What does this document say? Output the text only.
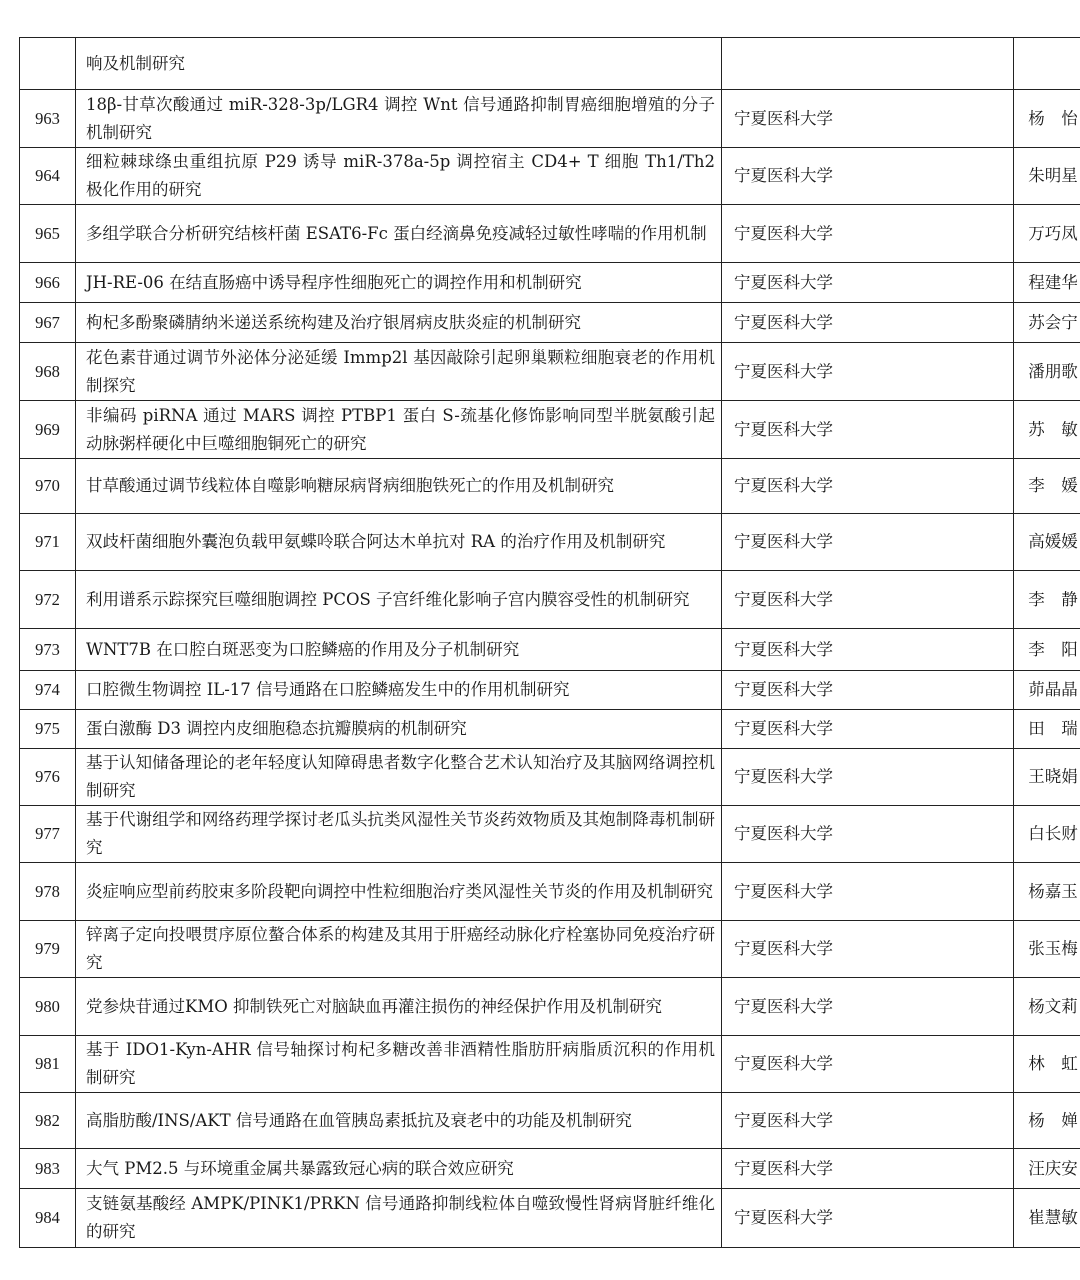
	响及机制研究		
963	18β-甘草次酸通过 miR-328-3p/LGR4 调控 Wnt 信号通路抑制胃癌细胞增殖的分子机制研究	宁夏医科大学	杨　怡
964	细粒棘球绦虫重组抗原 P29 诱导 miR-378a-5p 调控宿主 CD4+ T 细胞 Th1/Th2 极化作用的研究	宁夏医科大学	朱明星
965	多组学联合分析研究结核杆菌 ESAT6-Fc 蛋白经滴鼻免疫减轻过敏性哮喘的作用机制	宁夏医科大学	万巧凤
966	JH-RE-06 在结直肠癌中诱导程序性细胞死亡的调控作用和机制研究	宁夏医科大学	程建华
967	枸杞多酚聚磷腈纳米递送系统构建及治疗银屑病皮肤炎症的机制研究	宁夏医科大学	苏会宁
968	花色素苷通过调节外泌体分泌延缓 Immp2l 基因敲除引起卵巢颗粒细胞衰老的作用机制探究	宁夏医科大学	潘朋歌
969	非编码 piRNA 通过 MARS 调控 PTBP1 蛋白 S-巯基化修饰影响同型半胱氨酸引起动脉粥样硬化中巨噬细胞铜死亡的研究	宁夏医科大学	苏　敏
970	甘草酸通过调节线粒体自噬影响糖尿病肾病细胞铁死亡的作用及机制研究	宁夏医科大学	李　媛
971	双歧杆菌细胞外囊泡负载甲氨蝶呤联合阿达木单抗对 RA 的治疗作用及机制研究	宁夏医科大学	高媛媛
972	利用谱系示踪探究巨噬细胞调控 PCOS 子宫纤维化影响子宫内膜容受性的机制研究	宁夏医科大学	李　静
973	WNT7B 在口腔白斑恶变为口腔鳞癌的作用及分子机制研究	宁夏医科大学	李　阳
974	口腔微生物调控 IL-17 信号通路在口腔鳞癌发生中的作用机制研究	宁夏医科大学	茆晶晶
975	蛋白激酶 D3 调控内皮细胞稳态抗瓣膜病的机制研究	宁夏医科大学	田　瑞
976	基于认知储备理论的老年轻度认知障碍患者数字化整合艺术认知治疗及其脑网络调控机制研究	宁夏医科大学	王晓娟
977	基于代谢组学和网络药理学探讨老瓜头抗类风湿性关节炎药效物质及其炮制降毒机制研究	宁夏医科大学	白长财
978	炎症响应型前药胶束多阶段靶向调控中性粒细胞治疗类风湿性关节炎的作用及机制研究	宁夏医科大学	杨嘉玉
979	锌离子定向投喂贯序原位螯合体系的构建及其用于肝癌经动脉化疗栓塞协同免疫治疗研究	宁夏医科大学	张玉梅
980	党参炔苷通过KMO 抑制铁死亡对脑缺血再灌注损伤的神经保护作用及机制研究	宁夏医科大学	杨文莉
981	基于 IDO1-Kyn-AHR 信号轴探讨枸杞多糖改善非酒精性脂肪肝病脂质沉积的作用机制研究	宁夏医科大学	林　虹
982	高脂肪酸/INS/AKT 信号通路在血管胰岛素抵抗及衰老中的功能及机制研究	宁夏医科大学	杨　婵
983	大气 PM2.5 与环境重金属共暴露致冠心病的联合效应研究	宁夏医科大学	汪庆安
984	支链氨基酸经 AMPK/PINK1/PRKN 信号通路抑制线粒体自噬致慢性肾病肾脏纤维化的研究	宁夏医科大学	崔慧敏
